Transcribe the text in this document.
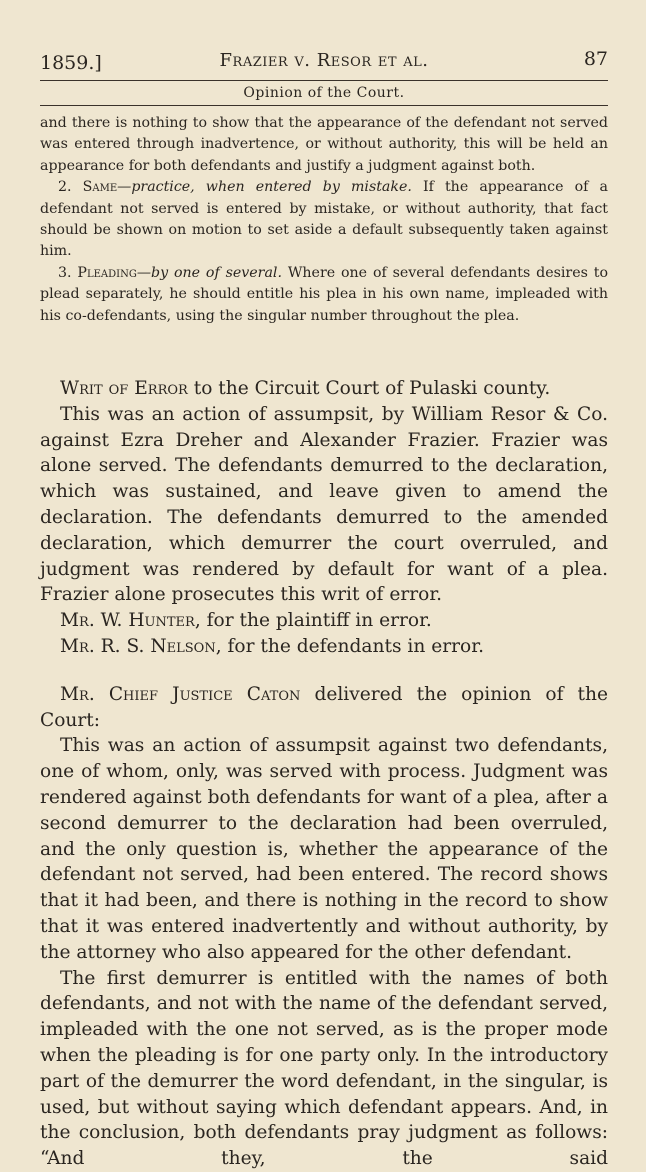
1859.]	Frazier v. Resor et al.	87
Opinion of the Court.

and there is nothing to show that the appearance of the defendant not served was entered through inadvertence, or without authority, this will be held an appearance for both defendants and justify a judgment against both.

2. Same—practice, when entered by mistake. If the appearance of a defendant not served is entered by mistake, or without authority, that fact should be shown on motion to set aside a default subsequently taken against him.

3. Pleading—by one of several. Where one of several defendants desires to plead separately, he should entitle his plea in his own name, impleaded with his co-defendants, using the singular number throughout the plea.

Writ of Error to the Circuit Court of Pulaski county.

This was an action of assumpsit, by William Resor & Co. against Ezra Dreher and Alexander Frazier. Frazier was alone served. The defendants demurred to the declaration, which was sustained, and leave given to amend the declaration. The defendants demurred to the amended declaration, which demurrer the court overruled, and judgment was rendered by default for want of a plea. Frazier alone prosecutes this writ of error.

Mr. W. Hunter, for the plaintiff in error.

Mr. R. S. Nelson, for the defendants in error.

Mr. Chief Justice Caton delivered the opinion of the Court:

This was an action of assumpsit against two defendants, one of whom, only, was served with process. Judgment was rendered against both defendants for want of a plea, after a second demurrer to the declaration had been overruled, and the only question is, whether the appearance of the defendant not served, had been entered. The record shows that it had been, and there is nothing in the record to show that it was entered inadvertently and without authority, by the attorney who also appeared for the other defendant.

The first demurrer is entitled with the names of both defendants, and not with the name of the defendant served, impleaded with the one not served, as is the proper mode when the pleading is for one party only. In the introductory part of the demurrer the word defendant, in the singular, is used, but without saying which defendant appears. And, in the conclusion, both defendants pray judgment as follows: “And they, the said
